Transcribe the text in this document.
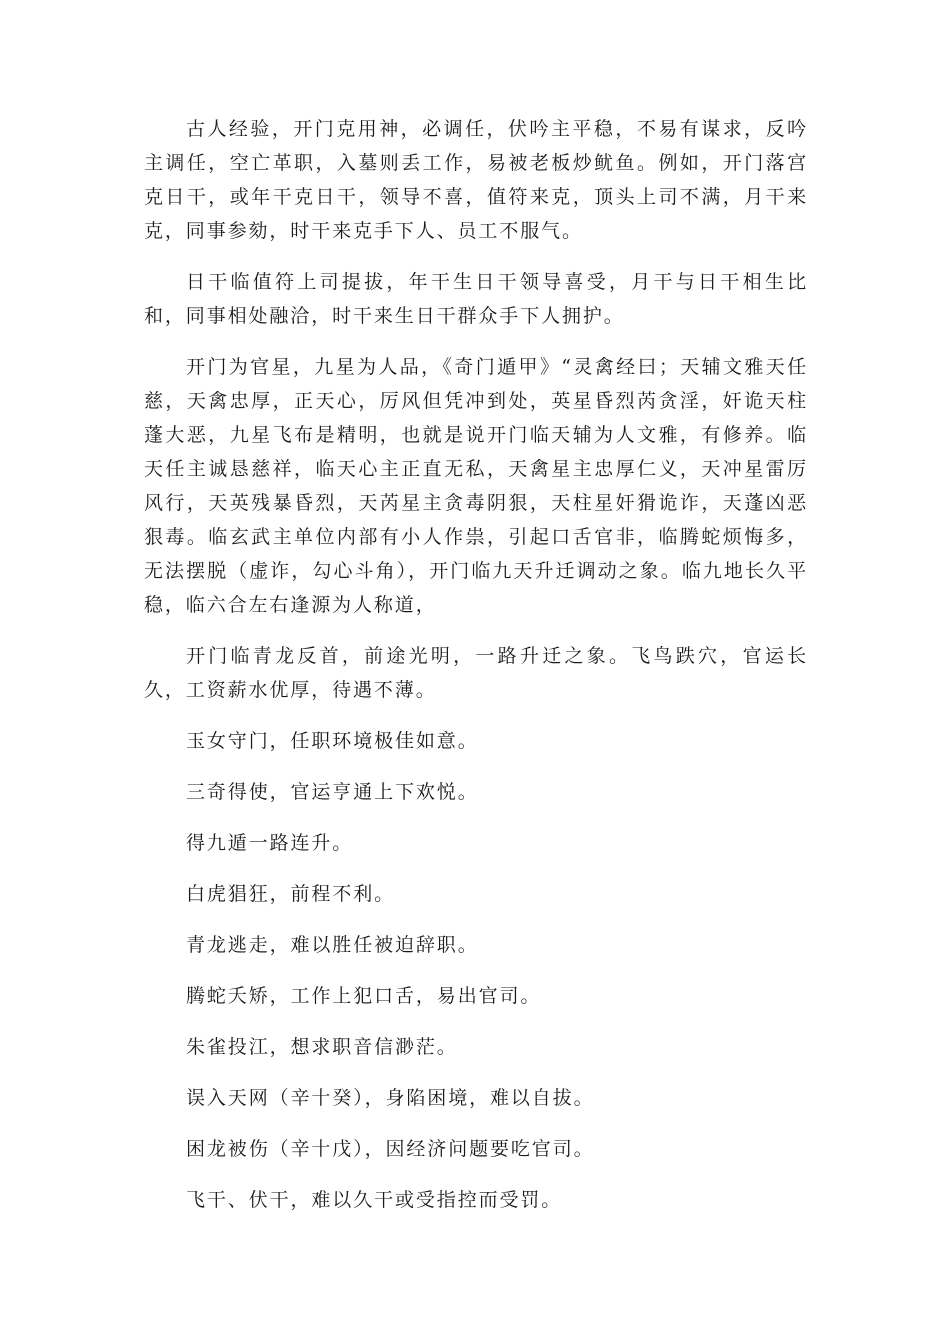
古人经验，开门克用神，必调任，伏吟主平稳，不易有谋求，反吟主调任，空亡革职，入墓则丢工作，易被老板炒鱿鱼。例如，开门落宫克日干，或年干克日干，领导不喜，值符来克，顶头上司不满，月干来克，同事参劾，时干来克手下人、员工不服气。

日干临值符上司提拔，年干生日干领导喜受，月干与日干相生比和，同事相处融洽，时干来生日干群众手下人拥护。

开门为官星，九星为人品，《奇门遁甲》“灵禽经曰；天辅文雅天任慈，天禽忠厚，正天心，厉风但凭冲到处，英星昏烈芮贪淫，奸诡天柱蓬大恶，九星飞布是精明，也就是说开门临天辅为人文雅，有修养。临天任主诚恳慈祥，临天心主正直无私，天禽星主忠厚仁义，天冲星雷厉风行，天英残暴昏烈，天芮星主贪毒阴狠，天柱星奸猾诡诈，天蓬凶恶狠毒。临玄武主单位内部有小人作祟，引起口舌官非，临腾蛇烦悔多，无法摆脱（虚诈，勾心斗角），开门临九天升迁调动之象。临九地长久平稳，临六合左右逢源为人称道，

开门临青龙反首，前途光明，一路升迁之象。飞鸟跌穴，官运长久，工资薪水优厚，待遇不薄。

玉女守门，任职环境极佳如意。

三奇得使，官运亨通上下欢悦。

得九遁一路连升。

白虎猖狂，前程不利。

青龙逃走，难以胜任被迫辞职。

腾蛇夭矫，工作上犯口舌，易出官司。

朱雀投江，想求职音信渺茫。

误入天网（辛十癸），身陷困境，难以自拔。

困龙被伤（辛十戊），因经济问题要吃官司。

飞干、伏干，难以久干或受指控而受罚。
